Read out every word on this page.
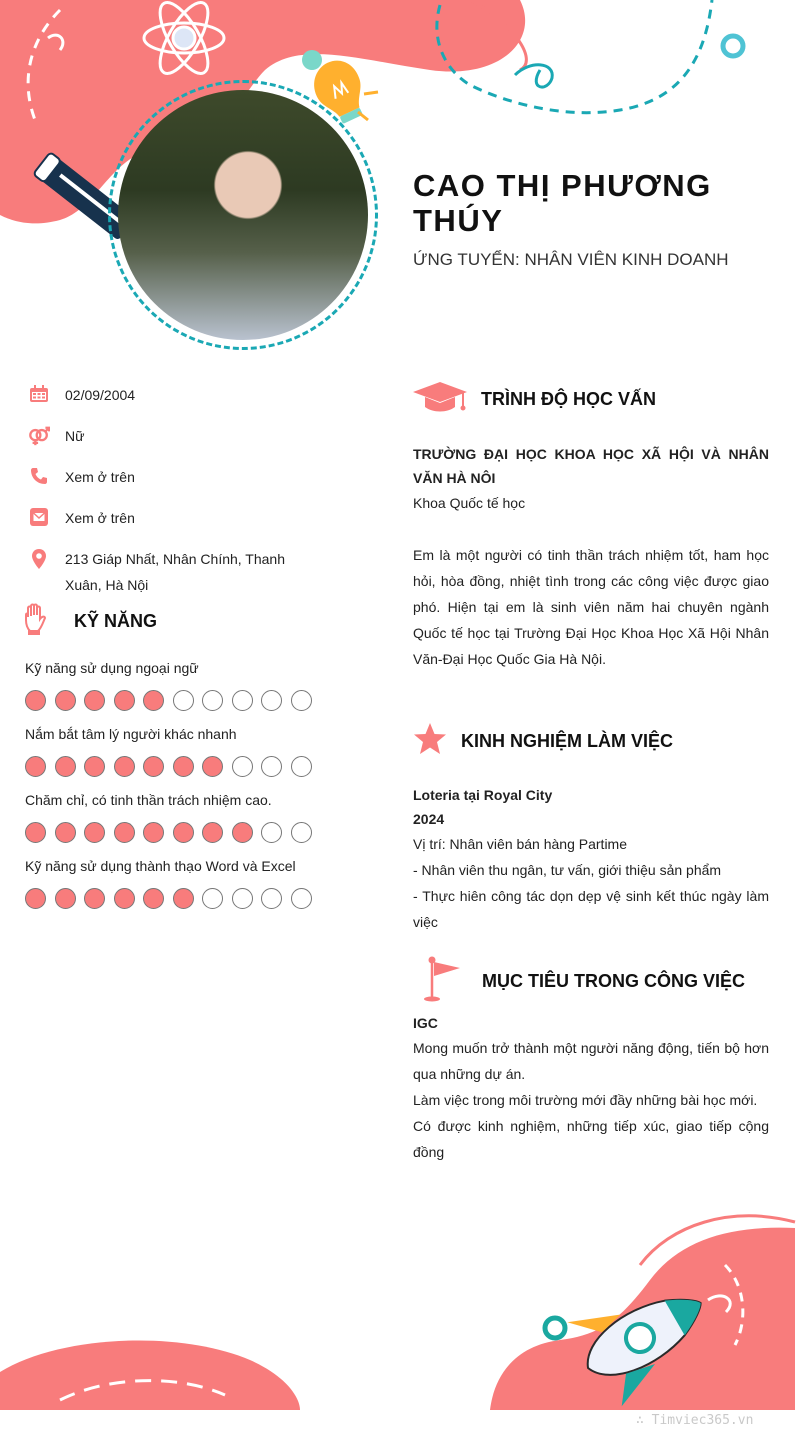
CAO THỊ PHƯƠNG THÚY
ỨNG TUYỂN: NHÂN VIÊN KINH DOANH
02/09/2004
Nữ
Xem ở trên
Xem ở trên
213 Giáp Nhất, Nhân Chính, Thanh Xuân, Hà Nội
KỸ NĂNG
Kỹ năng sử dụng ngoại ngữ
Nắm bắt tâm lý người khác nhanh
Chăm chỉ, có tinh thần trách nhiệm cao.
Kỹ năng sử dụng thành thạo Word và Excel
TRÌNH ĐỘ HỌC VẤN
TRƯỜNG ĐẠI HỌC KHOA HỌC XÃ HỘI VÀ NHÂN VĂN HÀ NÔI
Khoa Quốc tế học
Em là một người có tinh thần trách nhiệm tốt, ham học hỏi, hòa đồng, nhiệt tình trong các công việc được giao phó. Hiện tại em là sinh viên năm hai chuyên ngành Quốc tế học tại Trường Đại Học Khoa Học Xã Hội Nhân Văn-Đại Học Quốc Gia Hà Nội.
KINH NGHIỆM LÀM VIỆC
Loteria tại Royal City
2024
Vị trí: Nhân viên bán hàng Partime
- Nhân viên thu ngân, tư vấn, giới thiệu sản phẩm
- Thực hiên công tác dọn dẹp vệ sinh kết thúc ngày làm việc
MỤC TIÊU TRONG CÔNG VIỆC
IGC
Mong muốn trở thành một người năng động, tiến bộ hơn qua những dự án.
Làm việc trong môi trường mới đầy những bài học mới.
Có được kinh nghiệm, những tiếp xúc, giao tiếp cộng đồng
∴ Timviec365.vn
